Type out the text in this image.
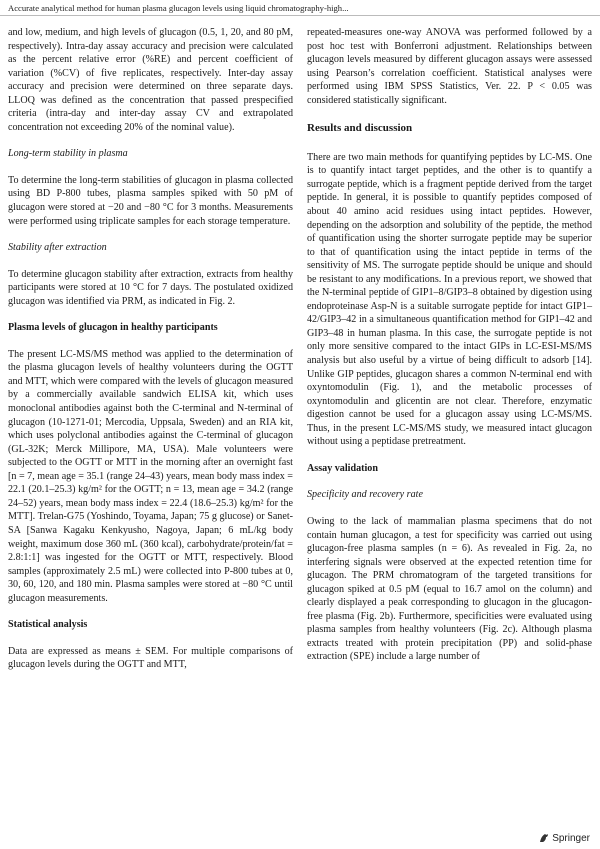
Accurate analytical method for human plasma glucagon levels using liquid chromatography-high...

and low, medium, and high levels of glucagon (0.5, 1, 20, and 80 pM, respectively). Intra-day assay accuracy and precision were calculated as the percent relative error (%RE) and percent coefficient of variation (%CV) of five replicates, respectively. Inter-day assay accuracy and precision were determined on three separate days. LLOQ was defined as the concentration that passed prespecified criteria (intra-day and inter-day assay CV and extrapolated concentration not exceeding 20% of the nominal value).

Long-term stability in plasma

To determine the long-term stabilities of glucagon in plasma collected using BD P-800 tubes, plasma samples spiked with 50 pM of glucagon were stored at −20 and −80 °C for 3 months. Measurements were performed using triplicate samples for each storage temperature.

Stability after extraction

To determine glucagon stability after extraction, extracts from healthy participants were stored at 10 °C for 7 days. The postulated oxidized glucagon was identified via PRM, as indicated in Fig. 2.

Plasma levels of glucagon in healthy participants

The present LC-MS/MS method was applied to the determination of the plasma glucagon levels of healthy volunteers during the OGTT and MTT, which were compared with the levels of glucagon measured by a commercially available sandwich ELISA kit, which uses monoclonal antibodies against both the C-terminal and N-terminal of glucagon (10-1271-01; Mercodia, Uppsala, Sweden) and an RIA kit, which uses polyclonal antibodies against the C-terminal of glucagon (GL-32K; Merck Millipore, MA, USA). Male volunteers were subjected to the OGTT or MTT in the morning after an overnight fast [n = 7, mean age = 35.1 (range 24–43) years, mean body mass index = 22.1 (20.1–25.3) kg/m² for the OGTT; n = 13, mean age = 34.2 (range 24–52) years, mean body mass index = 22.4 (18.6–25.3) kg/m² for the MTT]. Trelan-G75 (Yoshindo, Toyama, Japan; 75 g glucose) or Sanet-SA [Sanwa Kagaku Kenkyusho, Nagoya, Japan; 6 mL/kg body weight, maximum dose 360 mL (360 kcal), carbohydrate/protein/fat = 2.8:1:1] was ingested for the OGTT or MTT, respectively. Blood samples (approximately 2.5 mL) were collected into P-800 tubes at 0, 30, 60, 120, and 180 min. Plasma samples were stored at −80 °C until glucagon measurements.

Statistical analysis

Data are expressed as means ± SEM. For multiple comparisons of glucagon levels during the OGTT and MTT,

repeated-measures one-way ANOVA was performed followed by a post hoc test with Bonferroni adjustment. Relationships between glucagon levels measured by different glucagon assays were assessed using Pearson’s correlation coefficient. Statistical analyses were performed using IBM SPSS Statistics, Ver. 22. P < 0.05 was considered statistically significant.

Results and discussion

There are two main methods for quantifying peptides by LC-MS. One is to quantify intact target peptides, and the other is to quantify a surrogate peptide, which is a fragment peptide derived from the target peptide. In general, it is possible to quantify peptides composed of about 40 amino acid residues using intact peptides. However, depending on the adsorption and solubility of the peptide, the method of quantification using the shorter surrogate peptide may be superior to that of quantification using the intact peptide in terms of the sensitivity of MS. The surrogate peptide should be unique and should be resistant to any modifications. In a previous report, we showed that the N-terminal peptide of GIP1–8/GIP3–8 obtained by digestion using endoproteinase Asp-N is a suitable surrogate peptide for intact GIP1–42/GIP3–42 in a simultaneous quantification method for GIP1–42 and GIP3–48 in human plasma. In this case, the surrogate peptide is not only more sensitive compared to the intact GIPs in LC-ESI-MS/MS analysis but also useful by a virtue of being difficult to adsorb [14]. Unlike GIP peptides, glucagon shares a common N-terminal end with oxyntomodulin (Fig. 1), and the metabolic processes of oxyntomodulin and glicentin are not clear. Therefore, enzymatic digestion cannot be used for a glucagon assay using LC-MS/MS. Thus, in the present LC-MS/MS study, we measured intact glucagon without using a peptidase pretreatment.

Assay validation

Specificity and recovery rate

Owing to the lack of mammalian plasma specimens that do not contain human glucagon, a test for specificity was carried out using glucagon-free plasma samples (n = 6). As revealed in Fig. 2a, no interfering signals were observed at the expected retention time for glucagon. The PRM chromatogram of the targeted transitions for glucagon spiked at 0.5 pM (equal to 16.7 amol on the column) and clearly displayed a peak corresponding to glucagon in the glucagon-free plasma (Fig. 2b). Furthermore, specificities were evaluated using plasma samples from healthy volunteers (Fig. 2c). Although plasma extracts treated with protein precipitation (PP) and solid-phase extraction (SPE) include a large number of

Springer
